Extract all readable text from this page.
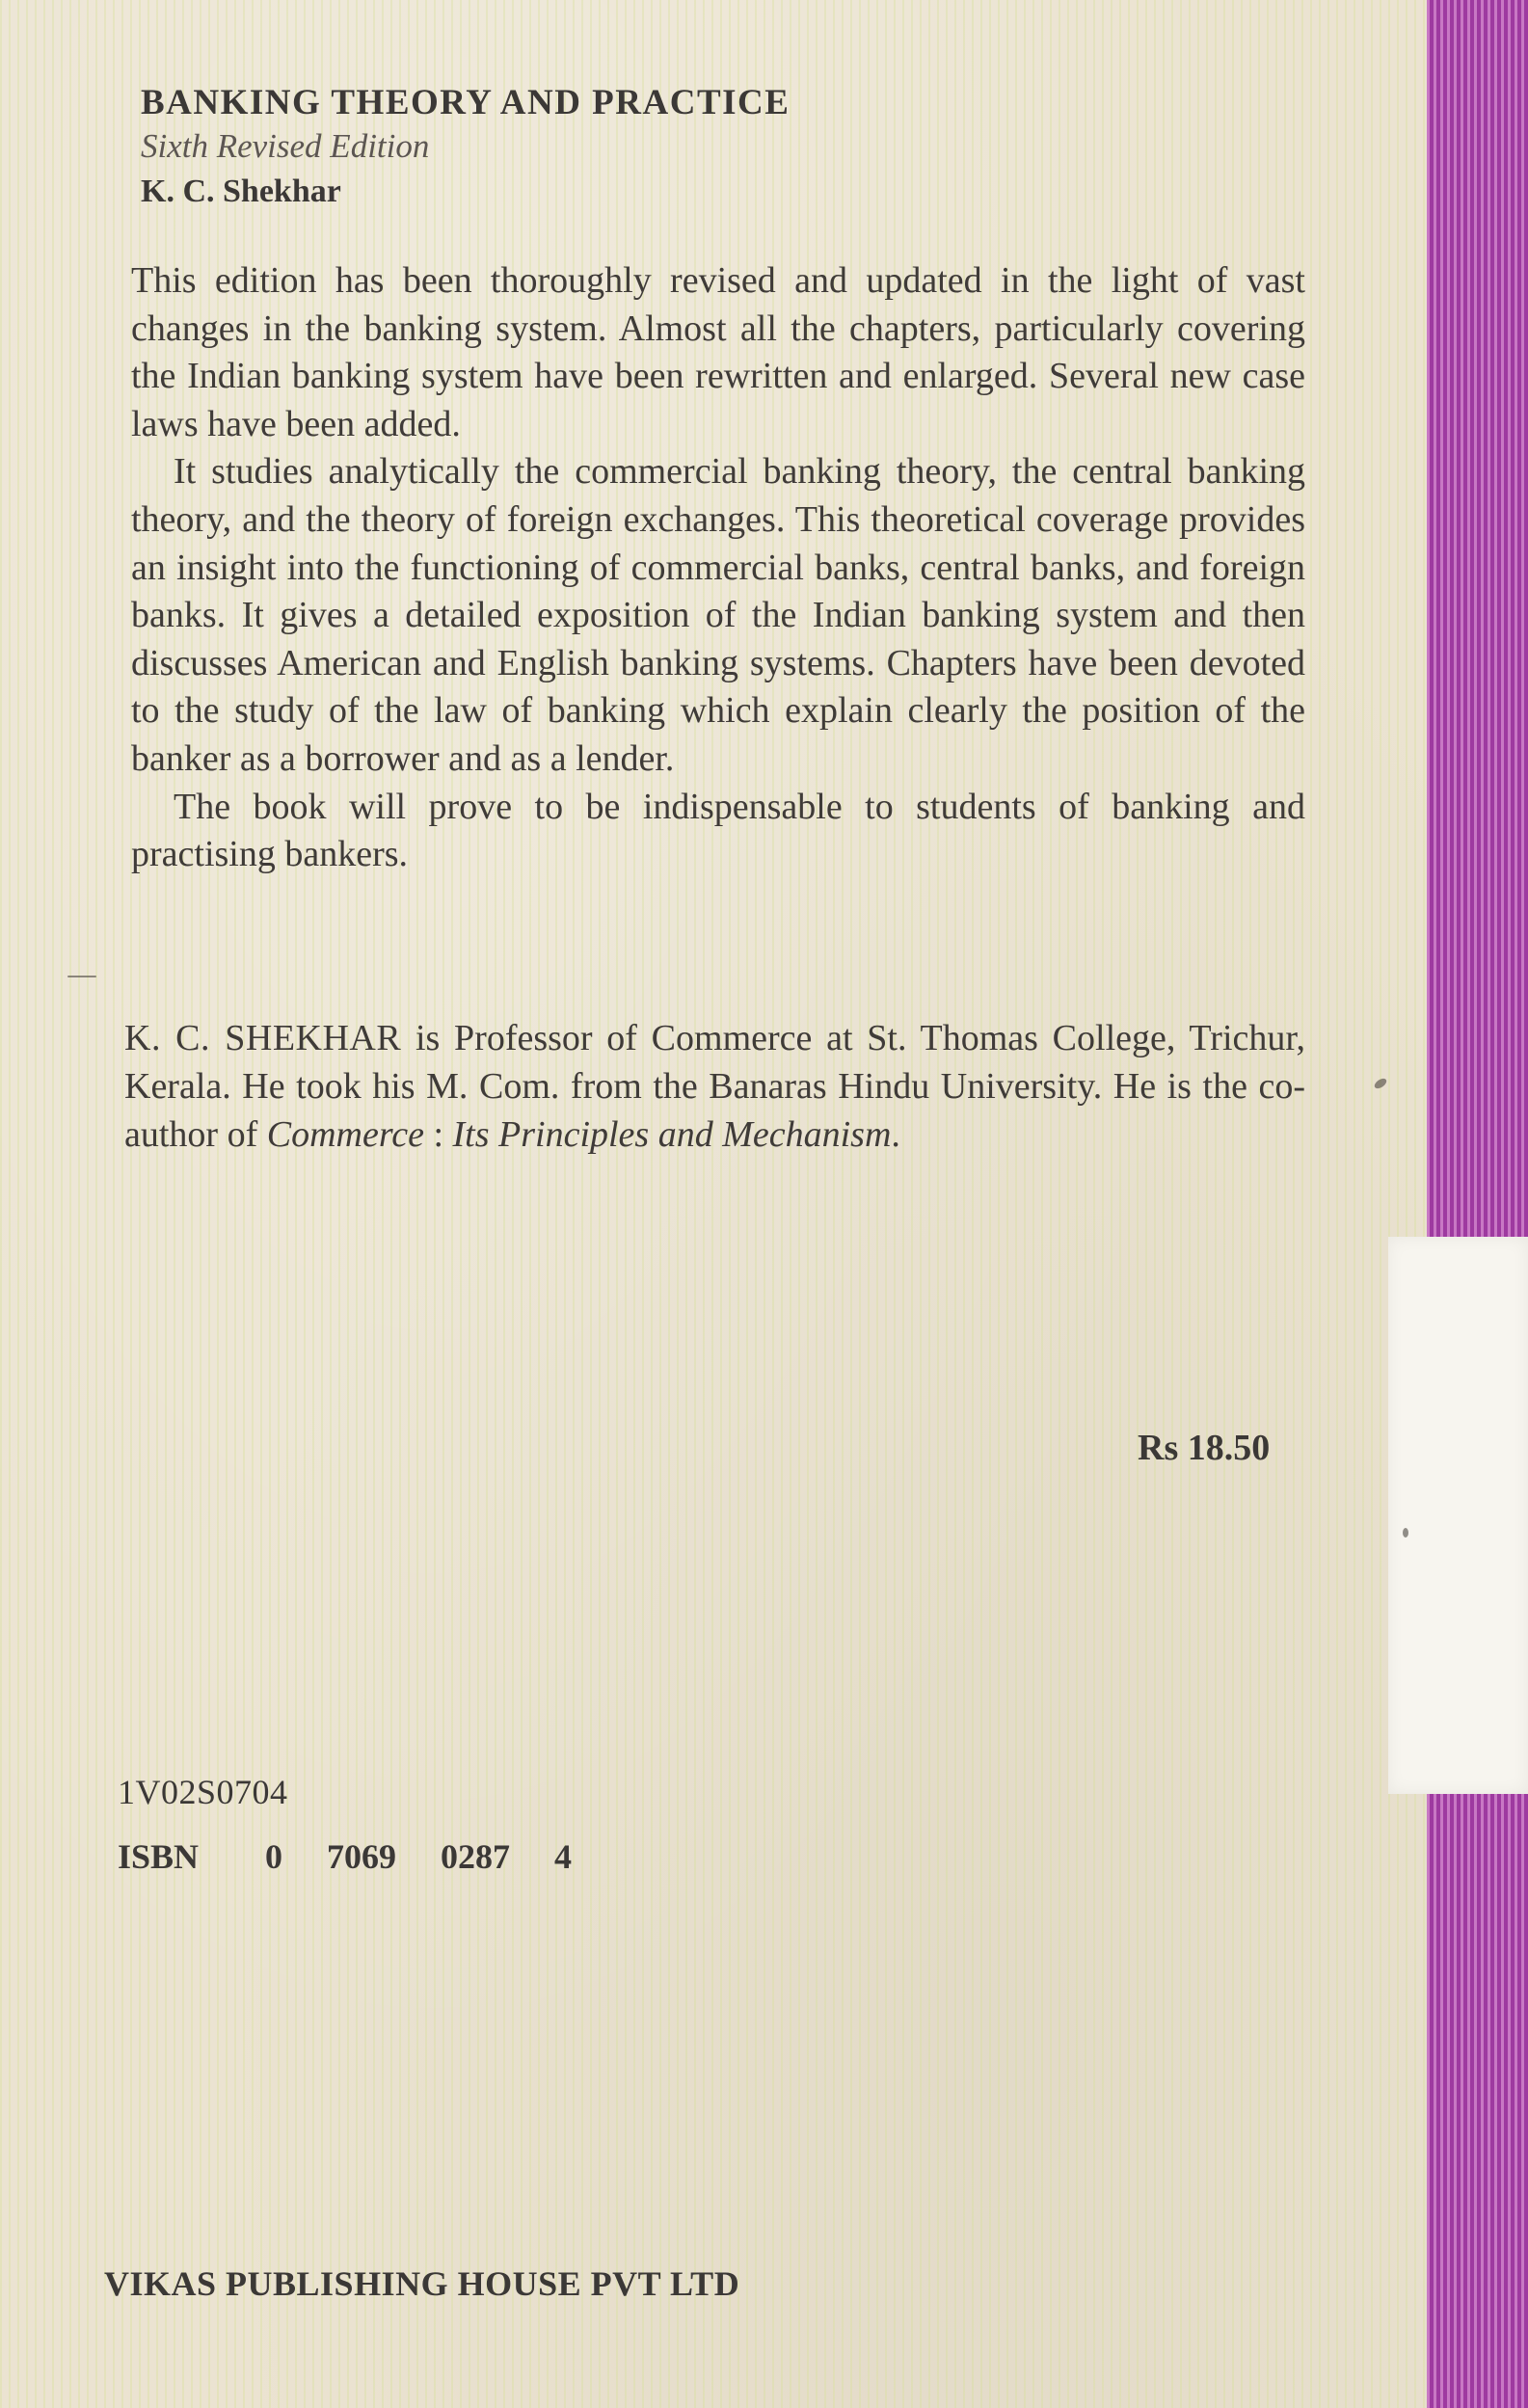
BANKING THEORY AND PRACTICE

Sixth Revised Edition

K. C. Shekhar

This edition has been thoroughly revised and updated in the light of vast changes in the banking system. Almost all the chapters, particularly covering the Indian banking system have been rewritten and enlarged. Several new case laws have been added.

It studies analytically the commercial banking theory, the central banking theory, and the theory of foreign exchanges. This theoretical coverage provides an insight into the functioning of commercial banks, central banks, and foreign banks. It gives a detailed exposition of the Indian banking system and then discusses American and English banking systems. Chapters have been devoted to the study of the law of banking which explain clearly the position of the banker as a borrower and as a lender.

The book will prove to be indispensable to students of banking and practising bankers.

K. C. SHEKHAR is Professor of Commerce at St. Thomas College, Trichur, Kerala. He took his M. Com. from the Banaras Hindu University. He is the co-author of Commerce : Its Principles and Mechanism.

Rs 18.50
1V02S0704
ISBN   0  7069  0287  4
VIKAS PUBLISHING HOUSE PVT LTD
